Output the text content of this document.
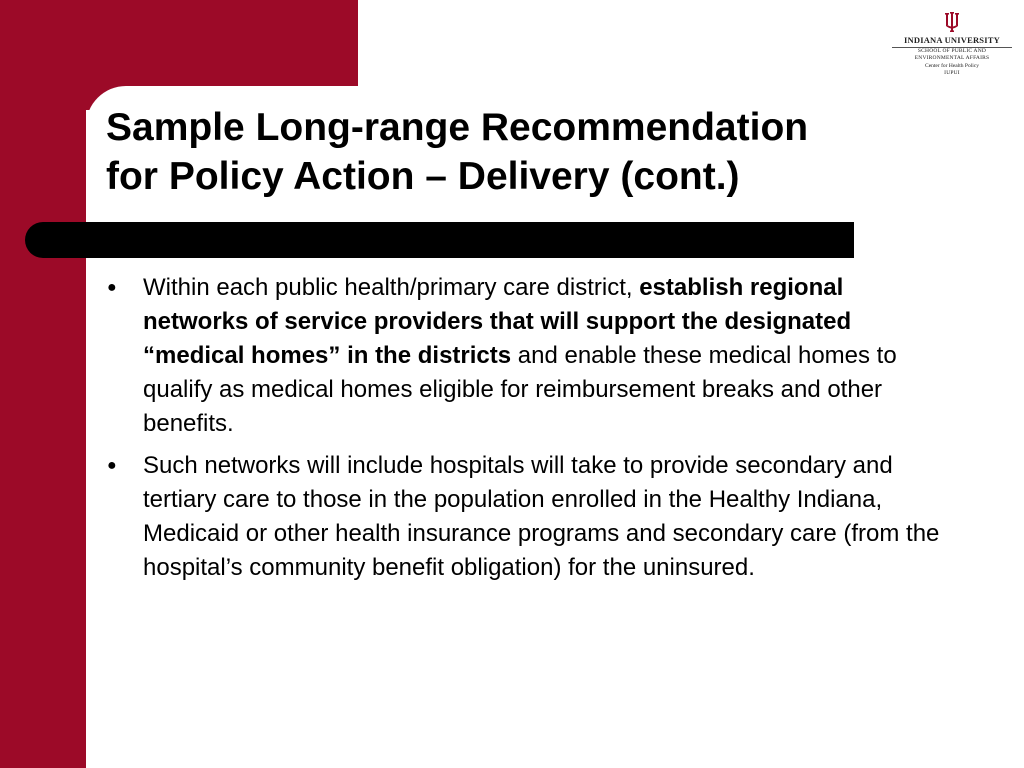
INDIANA UNIVERSITY
SCHOOL OF PUBLIC AND
ENVIRONMENTAL AFFAIRS
Center for Health Policy
IUPUI
Sample Long-range Recommendation
for Policy Action – Delivery (cont.)
● Within each public health/primary care district, establish regional networks of service providers that will support the designated “medical homes” in the districts and enable these medical homes to qualify as medical homes eligible for reimbursement breaks and other benefits.
● Such networks will include hospitals will take to provide secondary and tertiary care to those in the population enrolled in the Healthy Indiana, Medicaid or other health insurance programs and secondary care (from the hospital’s community benefit obligation) for the uninsured.
